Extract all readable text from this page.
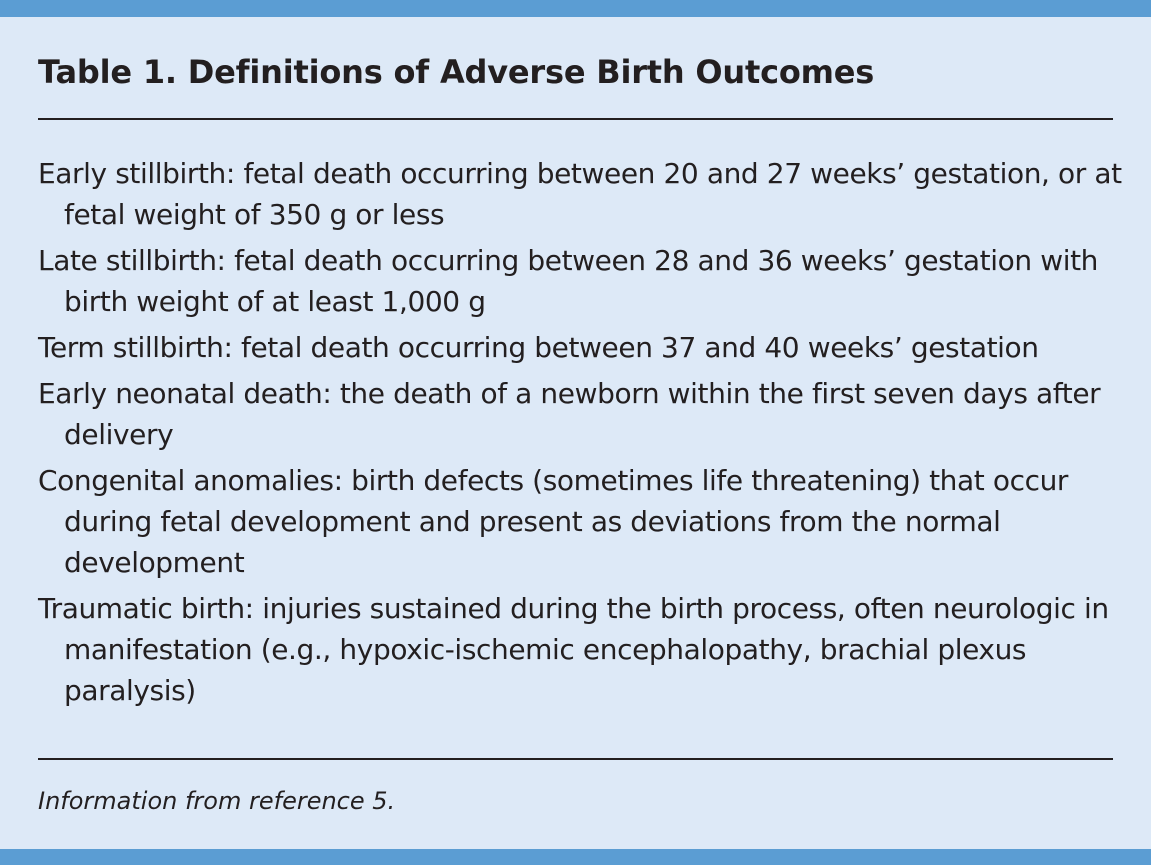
Table 1. Definitions of Adverse Birth Outcomes
Early stillbirth: fetal death occurring between 20 and 27 weeks’ gestation, or at fetal weight of 350 g or less
Late stillbirth: fetal death occurring between 28 and 36 weeks’ gestation with birth weight of at least 1,000 g
Term stillbirth: fetal death occurring between 37 and 40 weeks’ gestation
Early neonatal death: the death of a newborn within the first seven days after delivery
Congenital anomalies: birth defects (sometimes life threatening) that occur during fetal development and present as deviations from the normal development
Traumatic birth: injuries sustained during the birth process, often neurologic in manifestation (e.g., hypoxic-ischemic encephalopathy, brachial plexus paralysis)

Information from reference 5.
